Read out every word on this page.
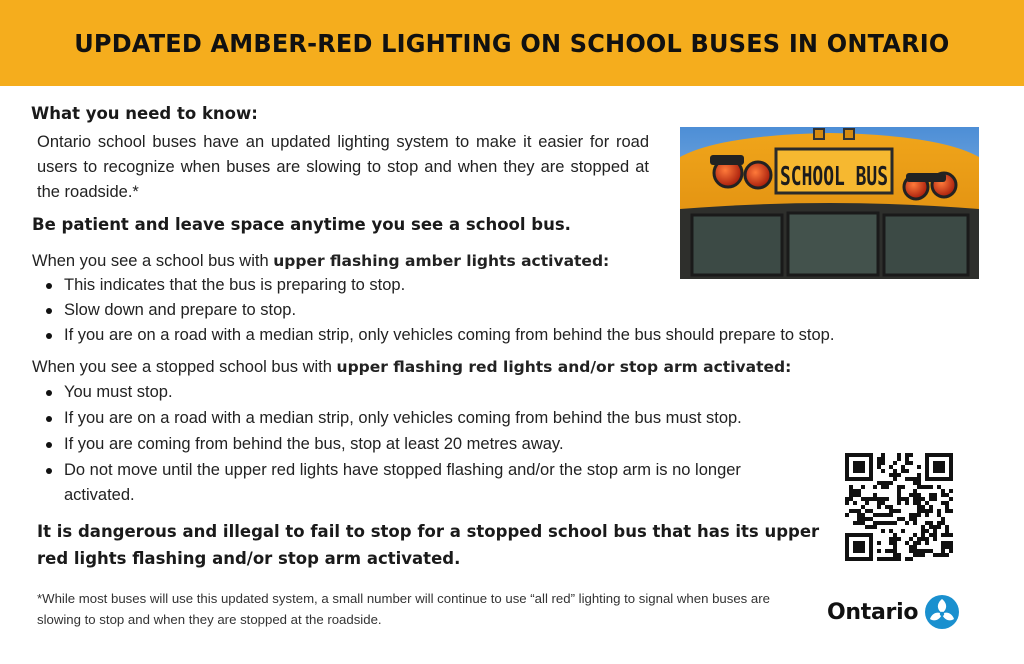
UPDATED AMBER-RED LIGHTING ON SCHOOL BUSES IN ONTARIO
What you need to know:
Ontario school buses have an updated lighting system to make it easier for road users to recognize when buses are slowing to stop and when they are stopped at the roadside.*	SCHOOL BUS
Be patient and leave space anytime you see a school bus.
When you see a school bus with upper flashing amber lights activated:
This indicates that the bus is preparing to stop.
Slow down and prepare to stop.
If you are on a road with a median strip, only vehicles coming from behind the bus should prepare to stop.
When you see a stopped school bus with upper flashing red lights and/or stop arm activated:
You must stop.
If you are on a road with a median strip, only vehicles coming from behind the bus must stop.
If you are coming from behind the bus, stop at least 20 metres away.
Do not move until the upper red lights have stopped flashing and/or the stop arm is no longer activated.
It is dangerous and illegal to fail to stop for a stopped school bus that has its upper red lights flashing and/or stop arm activated.
*While most buses will use this updated system, a small number will continue to use “all red” lighting to signal when buses are slowing to stop and when they are stopped at the roadside.	Ontario
